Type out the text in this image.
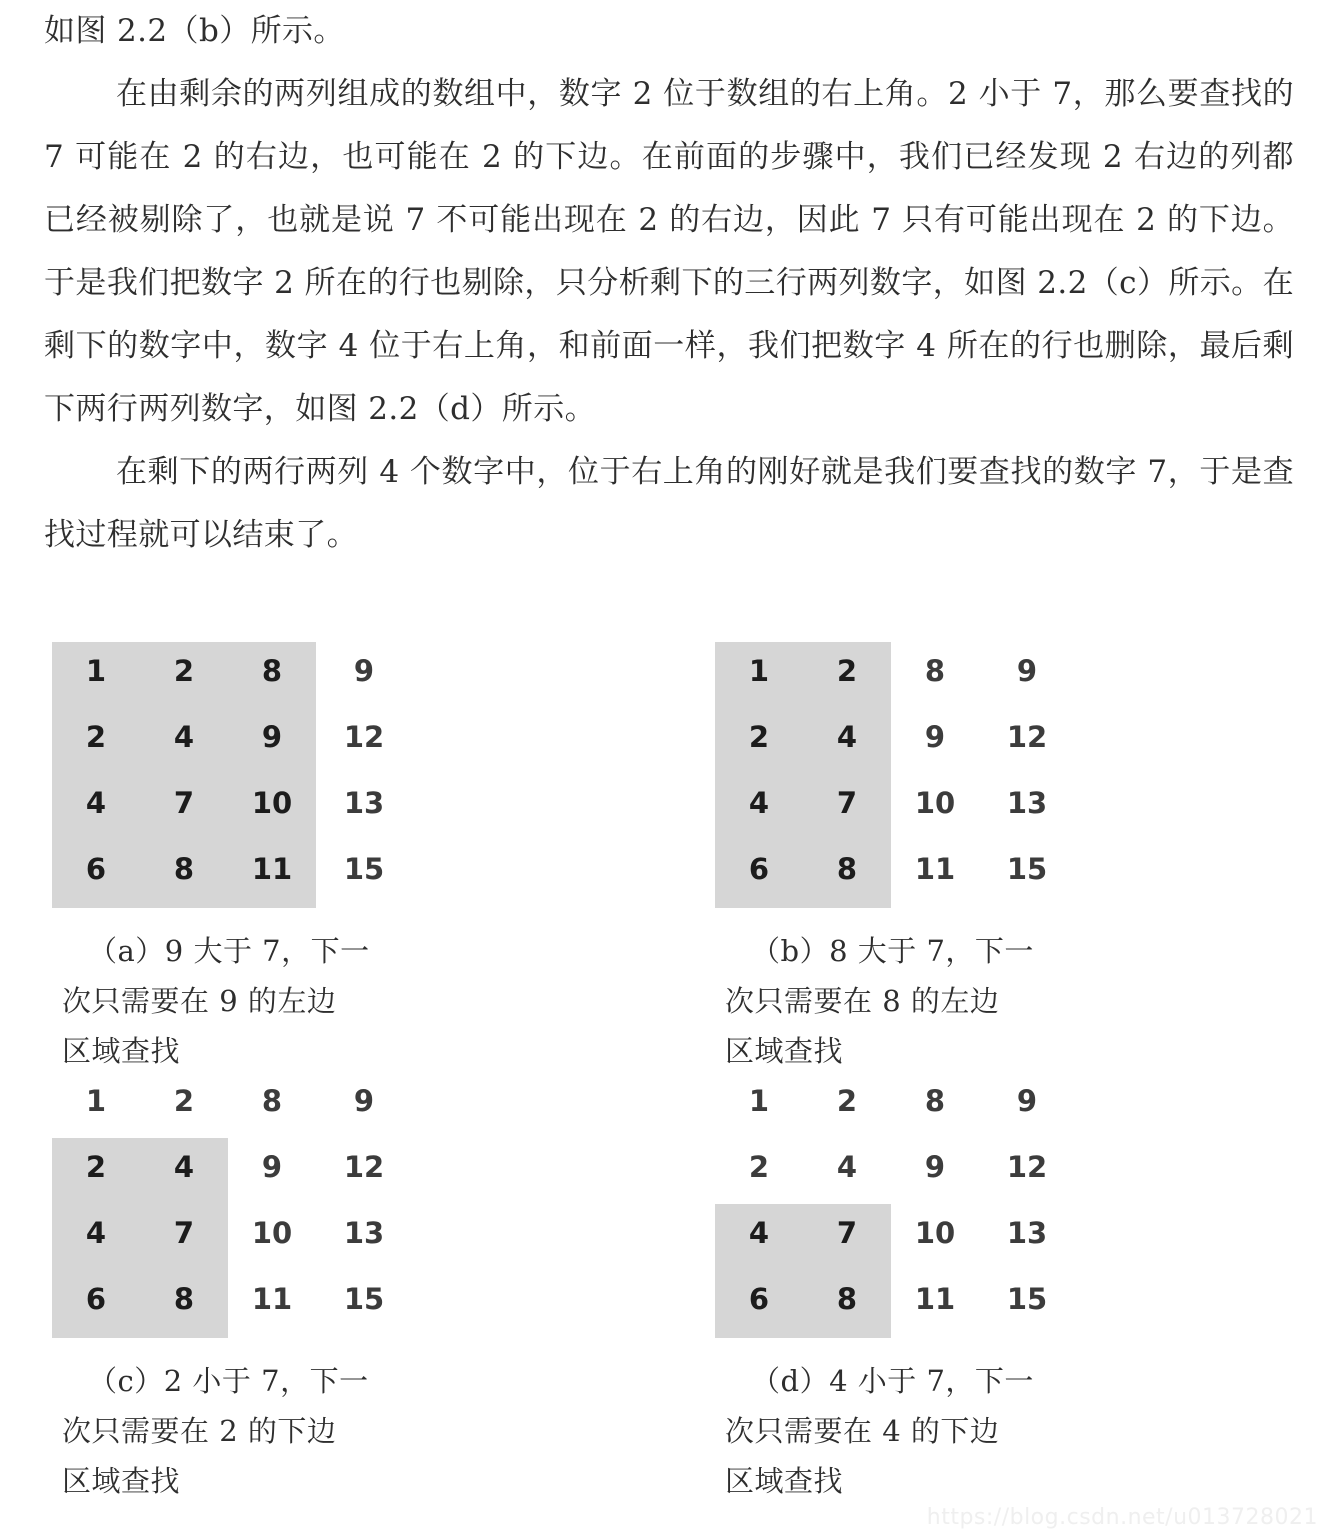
如图 2.2（b）所示。

在由剩余的两列组成的数组中，数字 2 位于数组的右上角。2 小于 7，那么要查找的 7 可能在 2 的右边，也可能在 2 的下边。在前面的步骤中，我们已经发现 2 右边的列都已经被剔除了，也就是说 7 不可能出现在 2 的右边，因此 7 只有可能出现在 2 的下边。于是我们把数字 2 所在的行也剔除，只分析剩下的三行两列数字，如图 2.2（c）所示。在剩下的数字中，数字 4 位于右上角，和前面一样，我们把数字 4 所在的行也删除，最后剩下两行两列数字，如图 2.2（d）所示。

在剩下的两行两列 4 个数字中，位于右上角的刚好就是我们要查找的数字 7，于是查找过程就可以结束了。

1	2	8	9
2	4	9	12
4	7	10	13
6	8	11	15
（a）9 大于 7，下一
次只需要在 9 的左边
区域查找
1	2	8	9
2	4	9	12
4	7	10	13
6	8	11	15
（b）8 大于 7，下一
次只需要在 8 的左边
区域查找
1	2	8	9
2	4	9	12
4	7	10	13
6	8	11	15
（c）2 小于 7，下一
次只需要在 2 的下边
区域查找
1	2	8	9
2	4	9	12
4	7	10	13
6	8	11	15
（d）4 小于 7，下一
次只需要在 4 的下边
区域查找
https://blog.csdn.net/u013728021
